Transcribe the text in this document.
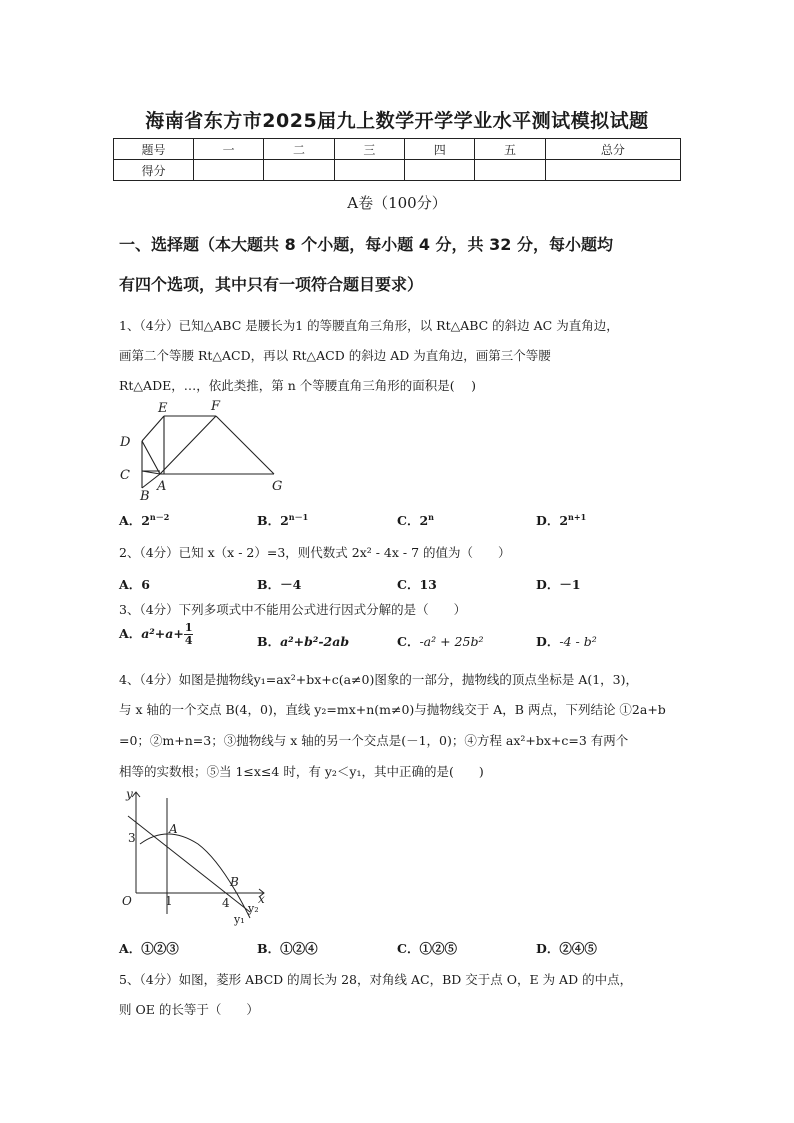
海南省东方市2025届九上数学开学学业水平测试模拟试题
题号	一	二	三	四	五	总分
得分						
A卷（100分）
一、选择题（本大题共 8 个小题，每小题 4 分，共 32 分，每小题均
有四个选项，其中只有一项符合题目要求）
1、（4分）已知△ABC 是腰长为1 的等腰直角三角形，以 Rt△ABC 的斜边 AC 为直角边，
画第二个等腰 Rt△ACD，再以 Rt△ACD 的斜边 AD 为直角边，画第三个等腰
Rt△ADE，…，依此类推，第 n 个等腰直角三角形的面积是(　 )
E	F
D
C
B
A	G
A．$2^{n-2}$	B．$2^{n-1}$	C．2$^n$	D．$2^{n+1}$
2、（4分）已知 x（x - 2）=3，则代数式 2x² - 4x - 7 的值为（　　）
A．6	B．－4	C．13	D．－1
3、（4分）下列多项式中不能用公式进行因式分解的是（　　）
A．$a^2+a+ \frac{1}{4}$	B．a²+b²-2ab	C．-a² + 25b²	D．-4 - b²
4、（4分）如图是抛物线y₁=ax²+bx+c(a≠0)图象的一部分，抛物线的顶点坐标是 A(1，3)，
与 x 轴的一个交点 B(4，0)，直线 y₂=mx+n(m≠0)与抛物线交于 A，B 两点，下列结论 ①2a+b
=0；②m+n=3；③抛物线与 x 轴的另一个交点是(－1，0)；④方程 ax²+bx+c=3 有两个
相等的实数根；⑤当 1≤x≤4 时，有 y₂＜y₁，其中正确的是(　　)
y
3
A
B
O	1	4 x
y₂
y₁
A．①②③	B．①②④	C．①②⑤	D．②④⑤
5、（4分）如图，菱形 ABCD 的周长为 28，对角线 AC，BD 交于点 O，E 为 AD 的中点，
则 OE 的长等于（　　）
